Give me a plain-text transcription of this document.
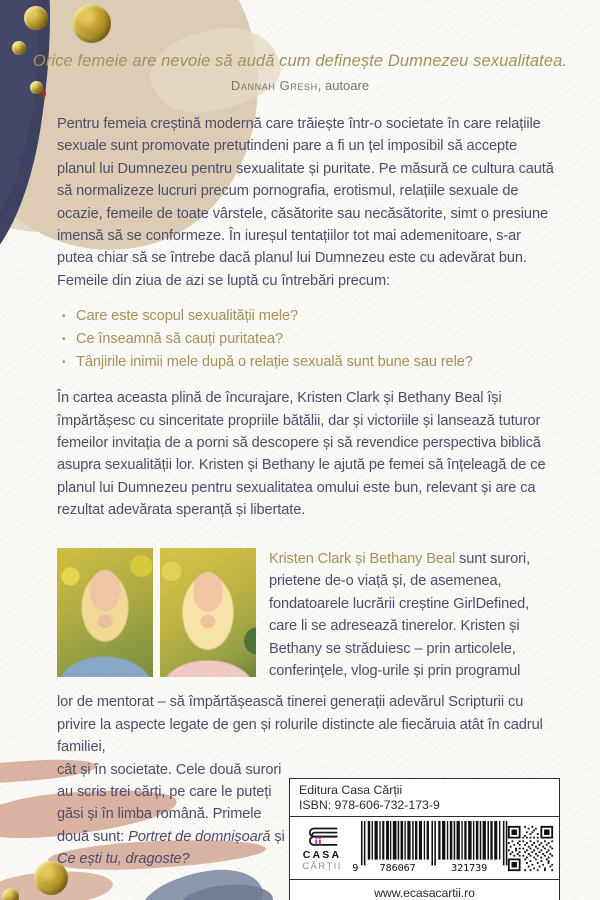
Orice femeie are nevoie să audă cum definește Dumnezeu sexualitatea.
Dannah Gresh, autoare

Pentru femeia creștină modernă care trăiește într-o societate în care relațiile sexuale sunt promovate pretutindeni pare a fi un țel imposibil să accepte planul lui Dumnezeu pentru sexualitate și puritate. Pe măsură ce cultura caută să normalizeze lucruri precum pornografia, erotismul, relațiile sexuale de ocazie, femeile de toate vârstele, căsătorite sau necăsătorite, simt o presiune imensă să se conformeze. În iureșul tentațiilor tot mai ademenitoare, s-ar putea chiar să se întrebe dacă planul lui Dumnezeu este cu adevărat bun. Femeile din ziua de azi se luptă cu întrebări precum:

• Care este scopul sexualității mele?
• Ce înseamnă să cauți puritatea?
• Tânjirile inimii mele după o relație sexuală sunt bune sau rele?

În cartea aceasta plină de încurajare, Kristen Clark și Bethany Beal își împărtășesc cu sinceritate propriile bătălii, dar și victoriile și lansează tuturor femeilor invitația de a porni să descopere și să revendice perspectiva biblică asupra sexualității lor. Kristen și Bethany le ajută pe femei să înțeleagă de ce planul lui Dumnezeu pentru sexualitatea omului este bun, relevant și are ca rezultat adevărata speranță și libertate.

Kristen Clark și Bethany Beal sunt surori, prietene de-o viață și, de asemenea, fondatoarele lucrării creștine GirlDefined, care li se adresează tinerelor. Kristen și Bethany se străduiesc – prin articolele, conferințele, vlog-urile și prin programul
lor de mentorat – să împărtășească tinerei generații adevărul Scripturii cu privire la aspecte legate de gen și rolurile distincte ale fiecăruia atât în cadrul familiei,
cât și în societate. Cele două surori au scris trei cărți, pe care le puteți găsi și în limba română. Primele două sunt: Portret de domnișoară și Ce ești tu, dragoste?
Editura Casa Cărții
ISBN: 978-606-732-173-9
CASA
CĂRȚII	9 786067	321739
www.ecasacartii.ro
